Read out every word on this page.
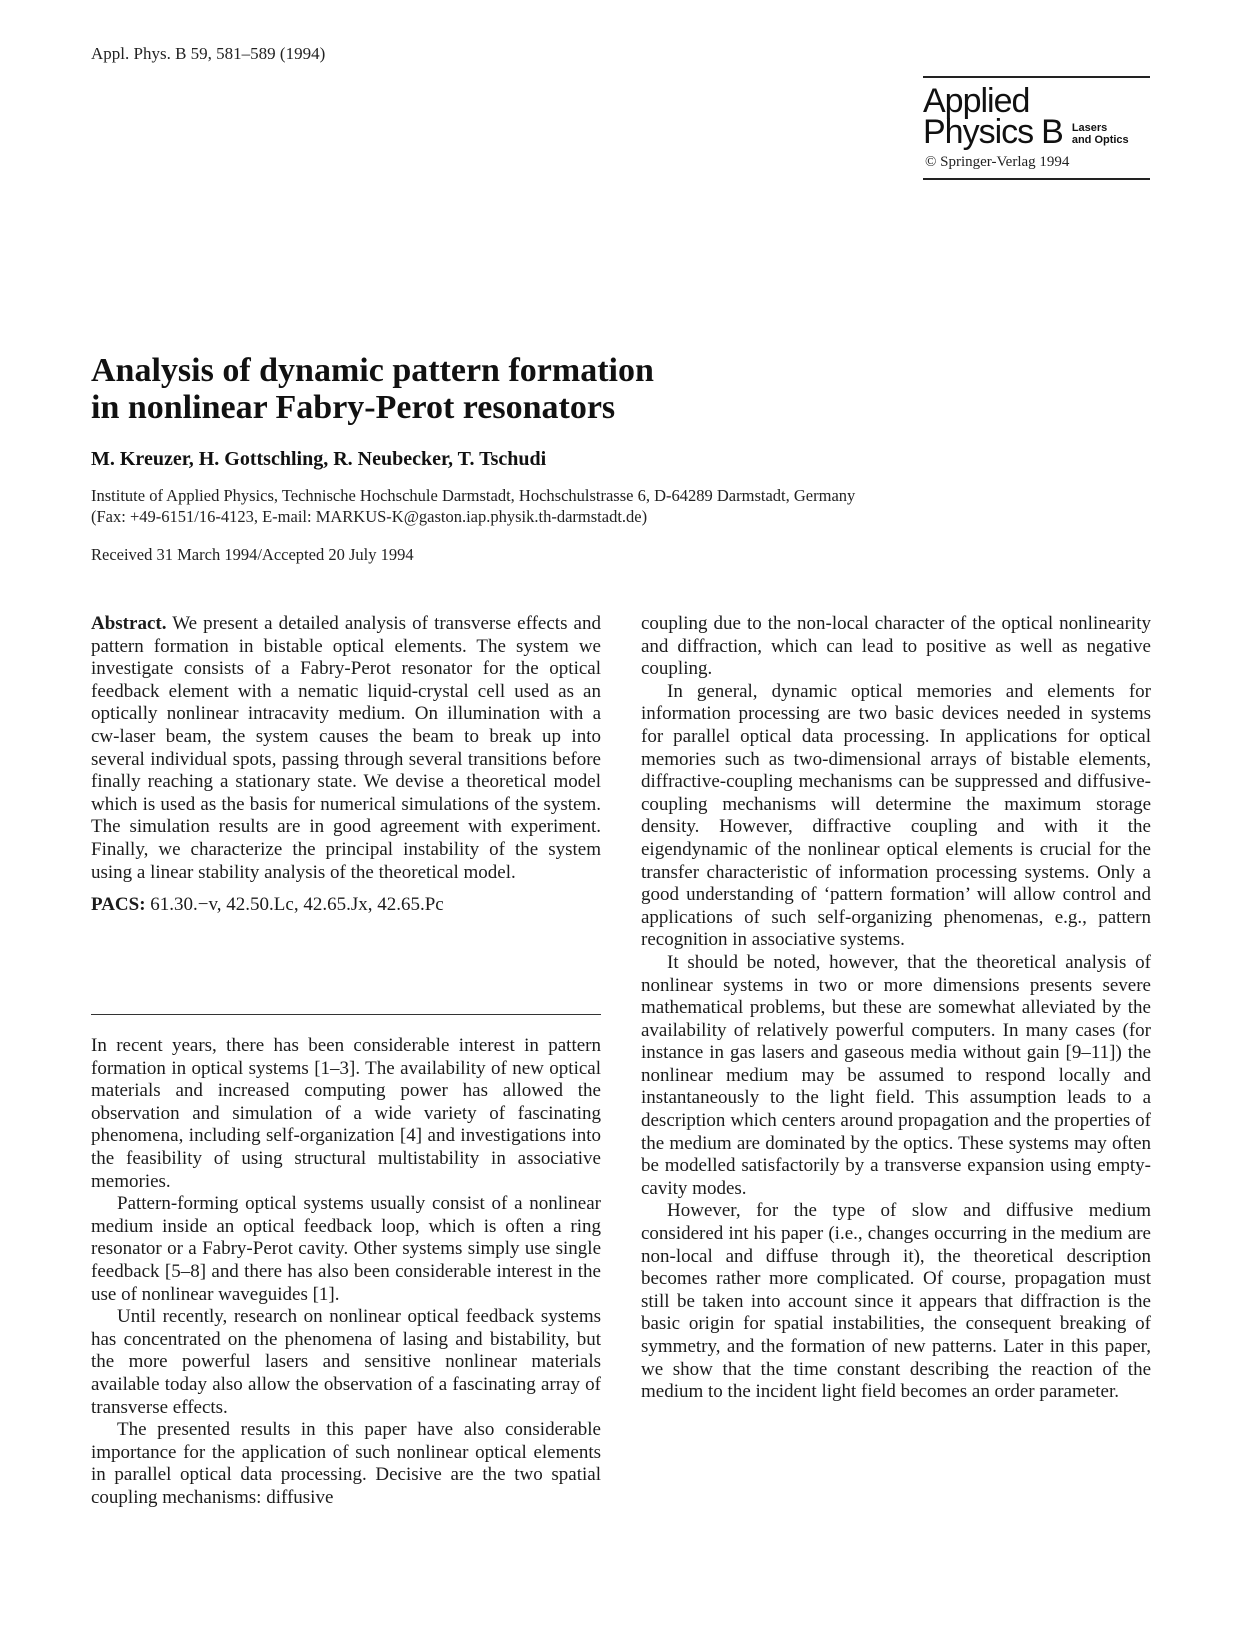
Appl. Phys. B 59, 581–589 (1994)
Applied
Physics B Lasers
and Optics
© Springer-Verlag 1994
Analysis of dynamic pattern formation
in nonlinear Fabry-Perot resonators
M. Kreuzer, H. Gottschling, R. Neubecker, T. Tschudi
Institute of Applied Physics, Technische Hochschule Darmstadt, Hochschulstrasse 6, D-64289 Darmstadt, Germany
(Fax: +49-6151/16-4123, E-mail: MARKUS-K@gaston.iap.physik.th-darmstadt.de)
Received 31 March 1994/Accepted 20 July 1994

Abstract. We present a detailed analysis of transverse effects and pattern formation in bistable optical elements. The system we investigate consists of a Fabry-Perot resonator for the optical feedback element with a nematic liquid-crystal cell used as an optically nonlinear intracavity medium. On illumination with a cw-laser beam, the system causes the beam to break up into several individual spots, passing through several transitions before finally reaching a stationary state. We devise a theoretical model which is used as the basis for numerical simulations of the system. The simulation results are in good agreement with experiment. Finally, we characterize the principal instability of the system using a linear stability analysis of the theoretical model.

PACS: 61.30.−v, 42.50.Lc, 42.65.Jx, 42.65.Pc

In recent years, there has been considerable interest in pattern formation in optical systems [1–3]. The availability of new optical materials and increased computing power has allowed the observation and simulation of a wide variety of fascinating phenomena, including self-organization [4] and investigations into the feasibility of using structural multistability in associative memories.

Pattern-forming optical systems usually consist of a nonlinear medium inside an optical feedback loop, which is often a ring resonator or a Fabry-Perot cavity. Other systems simply use single feedback [5–8] and there has also been considerable interest in the use of nonlinear waveguides [1].

Until recently, research on nonlinear optical feedback systems has concentrated on the phenomena of lasing and bistability, but the more powerful lasers and sensitive nonlinear materials available today also allow the observation of a fascinating array of transverse effects.

The presented results in this paper have also considerable importance for the application of such nonlinear optical elements in parallel optical data processing. Decisive are the two spatial coupling mechanisms: diffusive

coupling due to the non-local character of the optical nonlinearity and diffraction, which can lead to positive as well as negative coupling.

In general, dynamic optical memories and elements for information processing are two basic devices needed in systems for parallel optical data processing. In applications for optical memories such as two-dimensional arrays of bistable elements, diffractive-coupling mechanisms can be suppressed and diffusive-coupling mechanisms will determine the maximum storage density. However, diffractive coupling and with it the eigendynamic of the nonlinear optical elements is crucial for the transfer characteristic of information processing systems. Only a good understanding of ‘pattern formation’ will allow control and applications of such self-organizing phenomenas, e.g., pattern recognition in associative systems.

It should be noted, however, that the theoretical analysis of nonlinear systems in two or more dimensions presents severe mathematical problems, but these are somewhat alleviated by the availability of relatively powerful computers. In many cases (for instance in gas lasers and gaseous media without gain [9–11]) the nonlinear medium may be assumed to respond locally and instantaneously to the light field. This assumption leads to a description which centers around propagation and the properties of the medium are dominated by the optics. These systems may often be modelled satisfactorily by a transverse expansion using empty-cavity modes.

However, for the type of slow and diffusive medium considered int his paper (i.e., changes occurring in the medium are non-local and diffuse through it), the theoretical description becomes rather more complicated. Of course, propagation must still be taken into account since it appears that diffraction is the basic origin for spatial instabilities, the consequent breaking of symmetry, and the formation of new patterns. Later in this paper, we show that the time constant describing the reaction of the medium to the incident light field becomes an order parameter.
